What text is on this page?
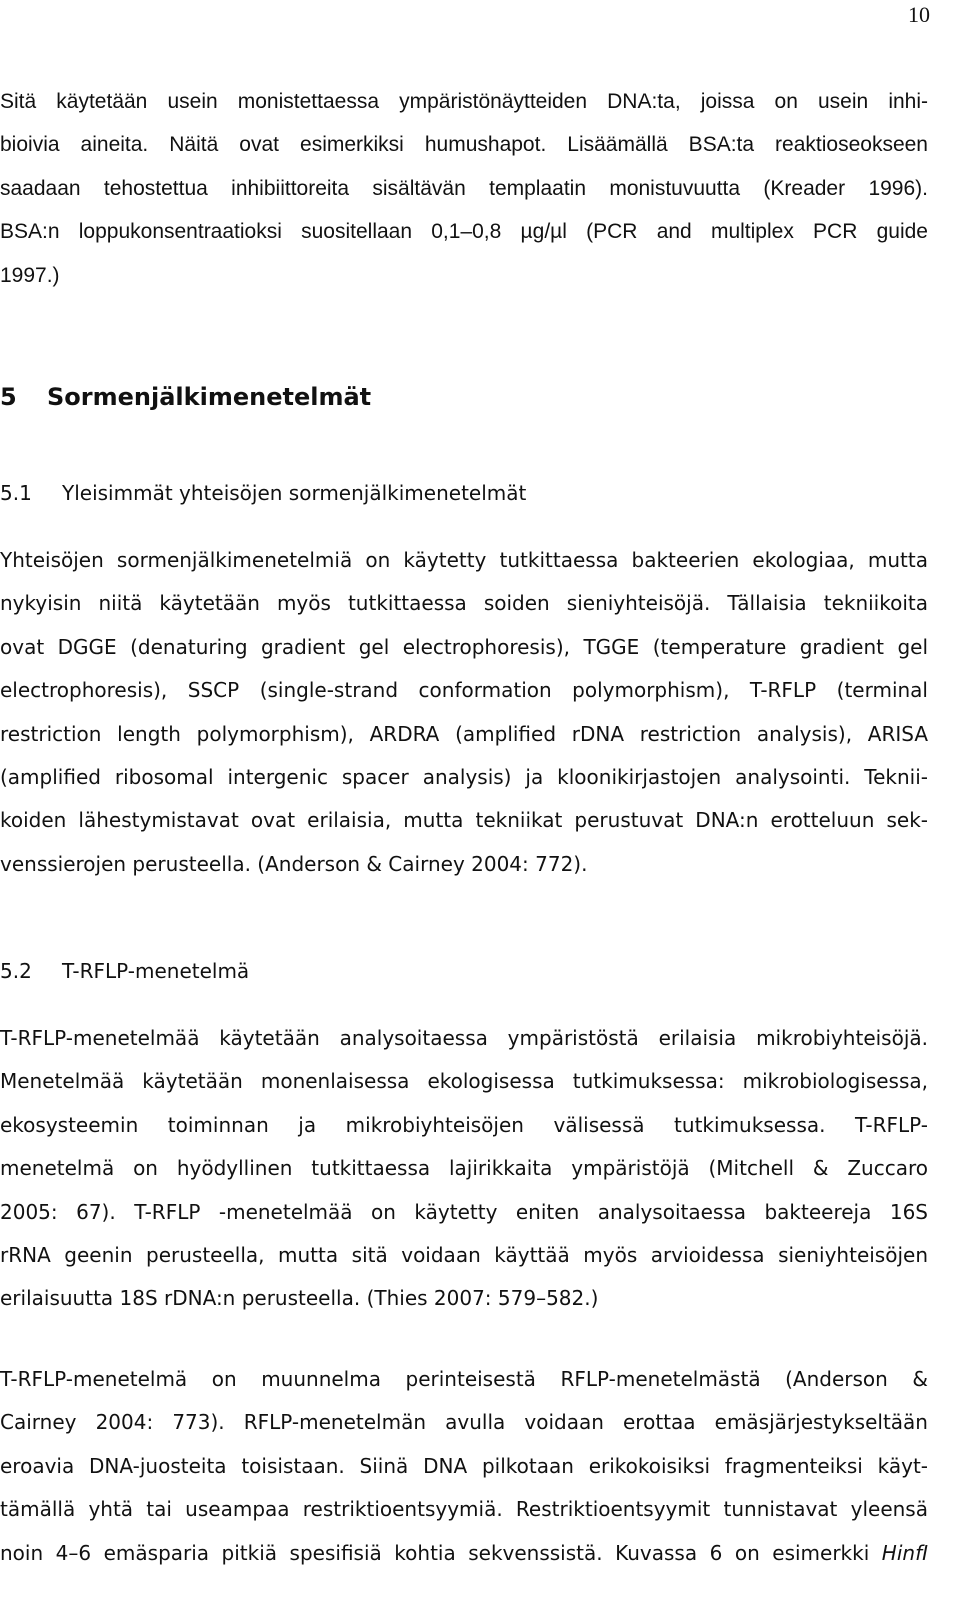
10
Sitä käytetään usein monistettaessa ympäristönäytteiden DNA:ta, joissa on usein inhi-
bioivia aineita. Näitä ovat esimerkiksi humushapot. Lisäämällä BSA:ta reaktioseokseen
saadaan tehostettua inhibiittoreita sisältävän templaatin monistuvuutta (Kreader 1996).
BSA:n loppukonsentraatioksi suositellaan 0,1–0,8 µg/µl (PCR and multiplex PCR guide
1997.)
5 Sormenjälkimenetelmät
5.1 Yleisimmät yhteisöjen sormenjälkimenetelmät
Yhteisöjen sormenjälkimenetelmiä on käytetty tutkittaessa bakteerien ekologiaa, mutta
nykyisin niitä käytetään myös tutkittaessa soiden sieniyhteisöjä. Tällaisia tekniikoita
ovat DGGE (denaturing gradient gel electrophoresis), TGGE (temperature gradient gel
electrophoresis), SSCP (single-strand conformation polymorphism), T-RFLP (terminal
restriction length polymorphism), ARDRA (amplified rDNA restriction analysis), ARISA
(amplified ribosomal intergenic spacer analysis) ja kloonikirjastojen analysointi. Teknii-
koiden lähestymistavat ovat erilaisia, mutta tekniikat perustuvat DNA:n erotteluun sek-
venssierojen perusteella. (Anderson & Cairney 2004: 772).
5.2 T-RFLP-menetelmä
T-RFLP-menetelmää käytetään analysoitaessa ympäristöstä erilaisia mikrobiyhteisöjä.
Menetelmää käytetään monenlaisessa ekologisessa tutkimuksessa: mikrobiologisessa,
ekosysteemin toiminnan ja mikrobiyhteisöjen välisessä tutkimuksessa. T-RFLP-
menetelmä on hyödyllinen tutkittaessa lajirikkaita ympäristöjä (Mitchell & Zuccaro
2005: 67). T-RFLP -menetelmää on käytetty eniten analysoitaessa bakteereja 16S
rRNA geenin perusteella, mutta sitä voidaan käyttää myös arvioidessa sieniyhteisöjen
erilaisuutta 18S rDNA:n perusteella. (Thies 2007: 579–582.)
T-RFLP-menetelmä on muunnelma perinteisestä RFLP-menetelmästä (Anderson &
Cairney 2004: 773). RFLP-menetelmän avulla voidaan erottaa emäsjärjestykseltään
eroavia DNA-juosteita toisistaan. Siinä DNA pilkotaan erikokoisiksi fragmenteiksi käyt-
tämällä yhtä tai useampaa restriktioentsyymiä. Restriktioentsyymit tunnistavat yleensä
noin 4–6 emäsparia pitkiä spesifisiä kohtia sekvenssistä. Kuvassa 6 on esimerkki HinfI
